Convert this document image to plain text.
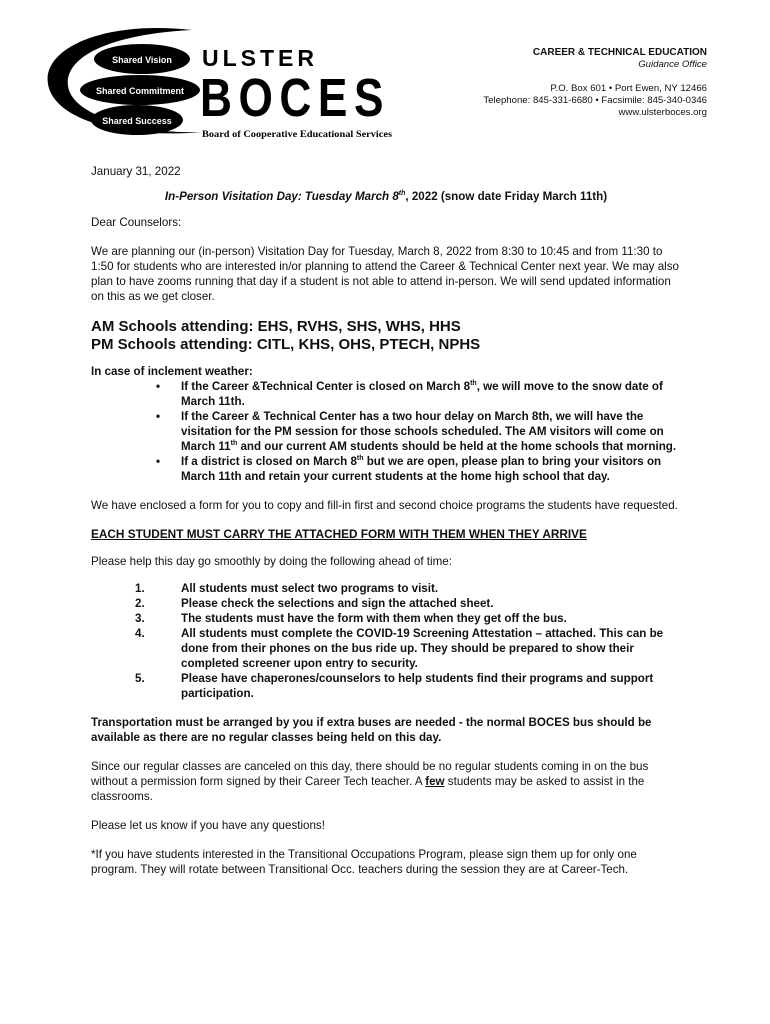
Shared Vision
Shared Commitment
Shared Success
ULSTER
BOCES
Board of Cooperative Educational Services
CAREER & TECHNICAL EDUCATION
Guidance Office
P.O. Box 601 • Port Ewen, NY 12466
Telephone: 845-331-6680 • Facsimile: 845-340-0346
www.ulsterboces.org

January 31, 2022

In-Person Visitation Day: Tuesday March 8th, 2022 (snow date Friday March 11th)

Dear Counselors:

We are planning our (in-person) Visitation Day for Tuesday, March 8, 2022 from 8:30 to 10:45 and from 11:30 to 1:50 for students who are interested in/or planning to attend the Career & Technical Center next year. We may also plan to have zooms running that day if a student is not able to attend in-person. We will send updated information on this as we get closer.

AM Schools attending: EHS, RVHS, SHS, WHS, HHS
PM Schools attending: CITL, KHS, OHS, PTECH, NPHS

In case of inclement weather:

• If the Career &Technical Center is closed on March 8th, we will move to the snow date of March 11th.
• If the Career & Technical Center has a two hour delay on March 8th, we will have the visitation for the PM session for those schools scheduled. The AM visitors will come on March 11th and our current AM students should be held at the home schools that morning.
• If a district is closed on March 8th but we are open, please plan to bring your visitors on March 11th and retain your current students at the home high school that day.

We have enclosed a form for you to copy and fill-in first and second choice programs the students have requested.

EACH STUDENT MUST CARRY THE ATTACHED FORM WITH THEM WHEN THEY ARRIVE

Please help this day go smoothly by doing the following ahead of time:

1.	All students must select two programs to visit.
2.	Please check the selections and sign the attached sheet.
3.	The students must have the form with them when they get off the bus.
4.	All students must complete the COVID-19 Screening Attestation – attached. This can be done from their phones on the bus ride up. They should be prepared to show their completed screener upon entry to security.
5.	Please have chaperones/counselors to help students find their programs and support participation.

Transportation must be arranged by you if extra buses are needed - the normal BOCES bus should be available as there are no regular classes being held on this day.

Since our regular classes are canceled on this day, there should be no regular students coming in on the bus without a permission form signed by their Career Tech teacher. A few students may be asked to assist in the classrooms.

Please let us know if you have any questions!

*If you have students interested in the Transitional Occupations Program, please sign them up for only one program. They will rotate between Transitional Occ. teachers during the session they are at Career-Tech.
